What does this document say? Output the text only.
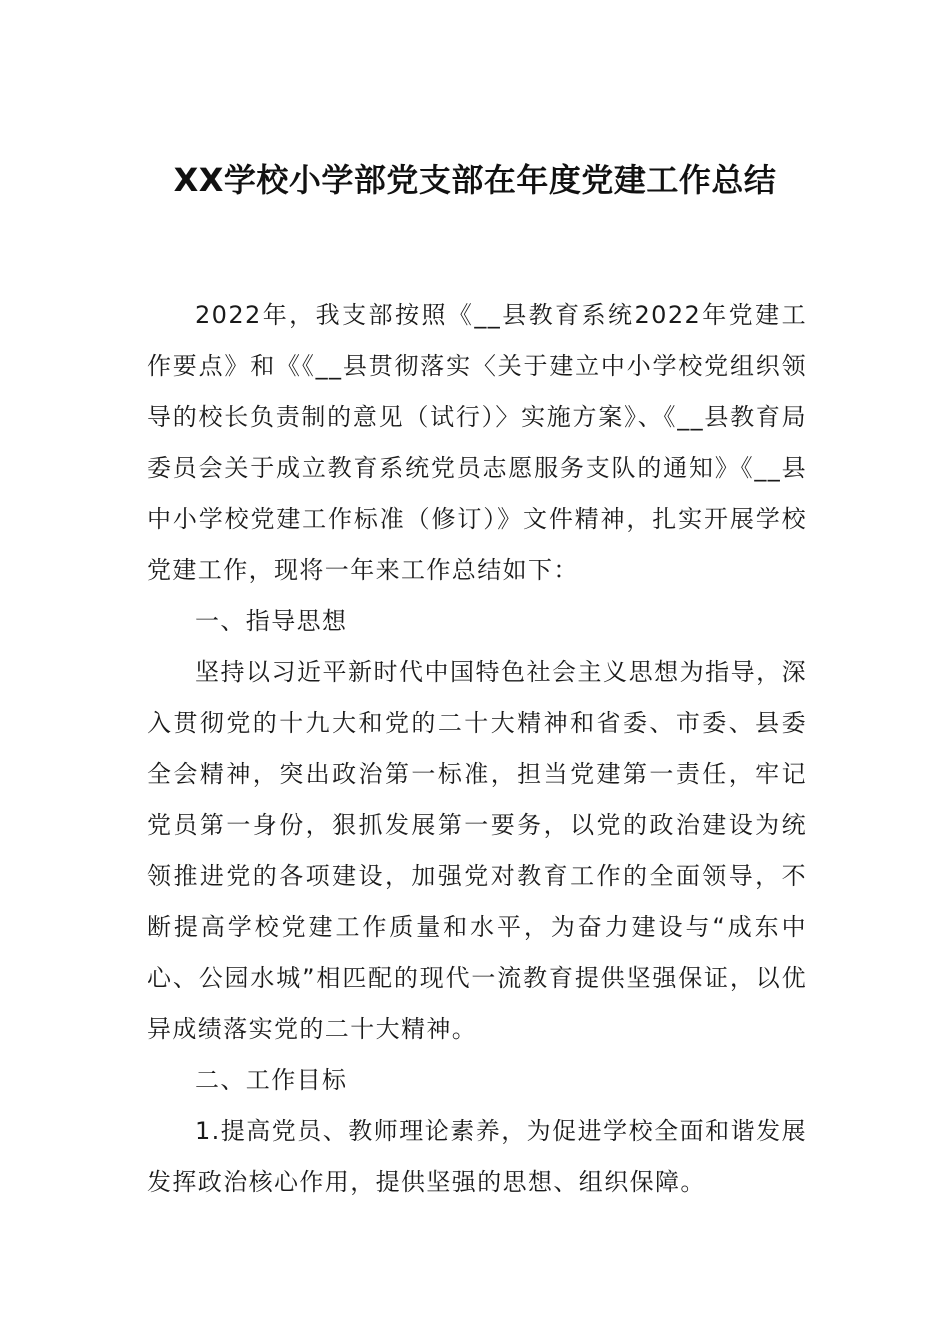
XX学校小学部党支部在年度党建工作总结

2022年，我支部按照《__县教育系统2022年党建工作要点》和《《__县贯彻落实〈关于建立中小学校党组织领导的校长负责制的意见（试行）〉实施方案》、《__县教育局委员会关于成立教育系统党员志愿服务支队的通知》《__县中小学校党建工作标准（修订）》文件精神，扎实开展学校党建工作，现将一年来工作总结如下：

一、指导思想

坚持以习近平新时代中国特色社会主义思想为指导，深入贯彻党的十九大和党的二十大精神和省委、市委、县委全会精神，突出政治第一标准，担当党建第一责任，牢记党员第一身份，狠抓发展第一要务，以党的政治建设为统领推进党的各项建设，加强党对教育工作的全面领导，不断提高学校党建工作质量和水平，为奋力建设与“成东中心、公园水城”相匹配的现代一流教育提供坚强保证，以优异成绩落实党的二十大精神。

二、工作目标

1.提高党员、教师理论素养，为促进学校全面和谐发展发挥政治核心作用，提供坚强的思想、组织保障。
